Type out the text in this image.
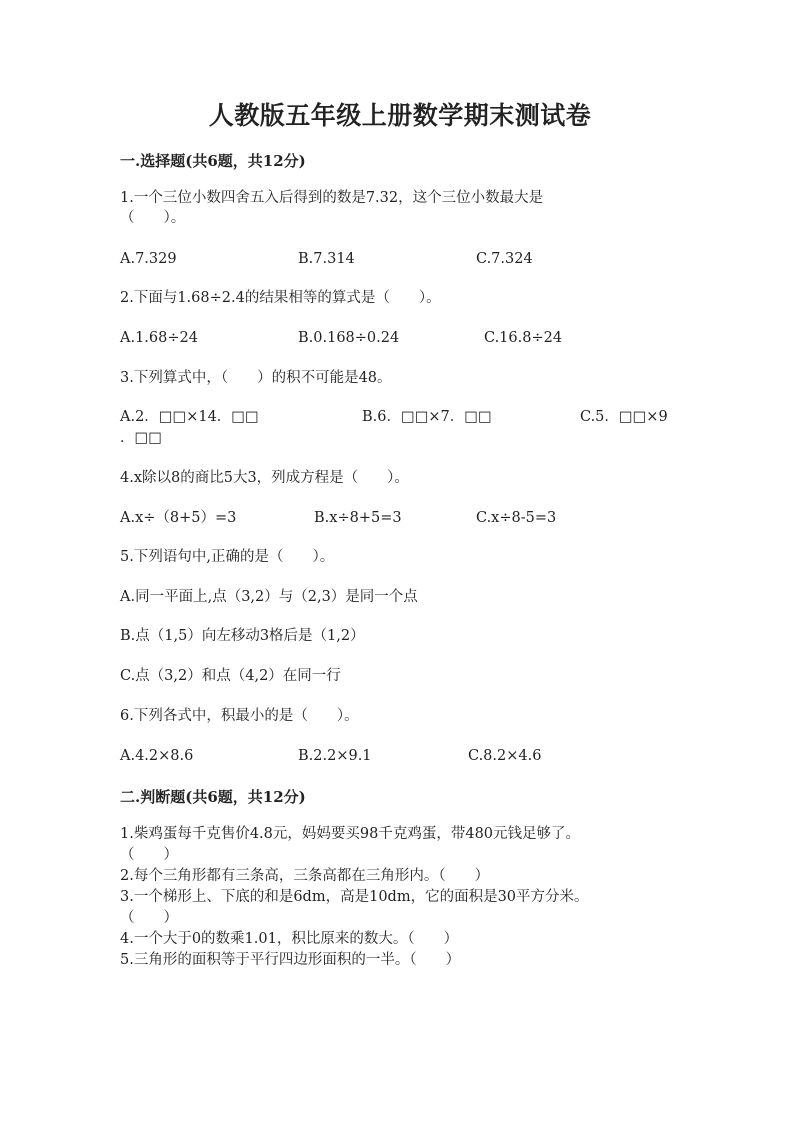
人教版五年级上册数学期末测试卷
一.选择题(共6题，共12分)
1.一个三位小数四舍五入后得到的数是7.32，这个三位小数最大是
（　　）。
A.7.329	B.7.314	C.7.324
2.下面与1.68÷2.4的结果相等的算式是（　　）。
A.1.68÷24	B.0.168÷0.24	C.16.8÷24
3.下列算式中，（　　）的积不可能是48。
A.2．□□×14．□□	B.6．□□×7．□□	C.5．□□×9
．□□
4.x除以8的商比5大3，列成方程是（　　）。
A.x÷（8+5）=3	B.x÷8+5=3	C.x÷8-5=3
5.下列语句中,正确的是（　　）。
A.同一平面上,点（3,2）与（2,3）是同一个点
B.点（1,5）向左移动3格后是（1,2）
C.点（3,2）和点（4,2）在同一行
6.下列各式中，积最小的是（　　）。
A.4.2×8.6	B.2.2×9.1	C.8.2×4.6
二.判断题(共6题，共12分)
1.柴鸡蛋每千克售价4.8元，妈妈要买98千克鸡蛋，带480元钱足够了。
（　　）
2.每个三角形都有三条高，三条高都在三角形内。（　　）
3.一个梯形上、下底的和是6dm，高是10dm，它的面积是30平方分米。
（　　）
4.一个大于0的数乘1.01，积比原来的数大。（　　）
5.三角形的面积等于平行四边形面积的一半。（　　）
